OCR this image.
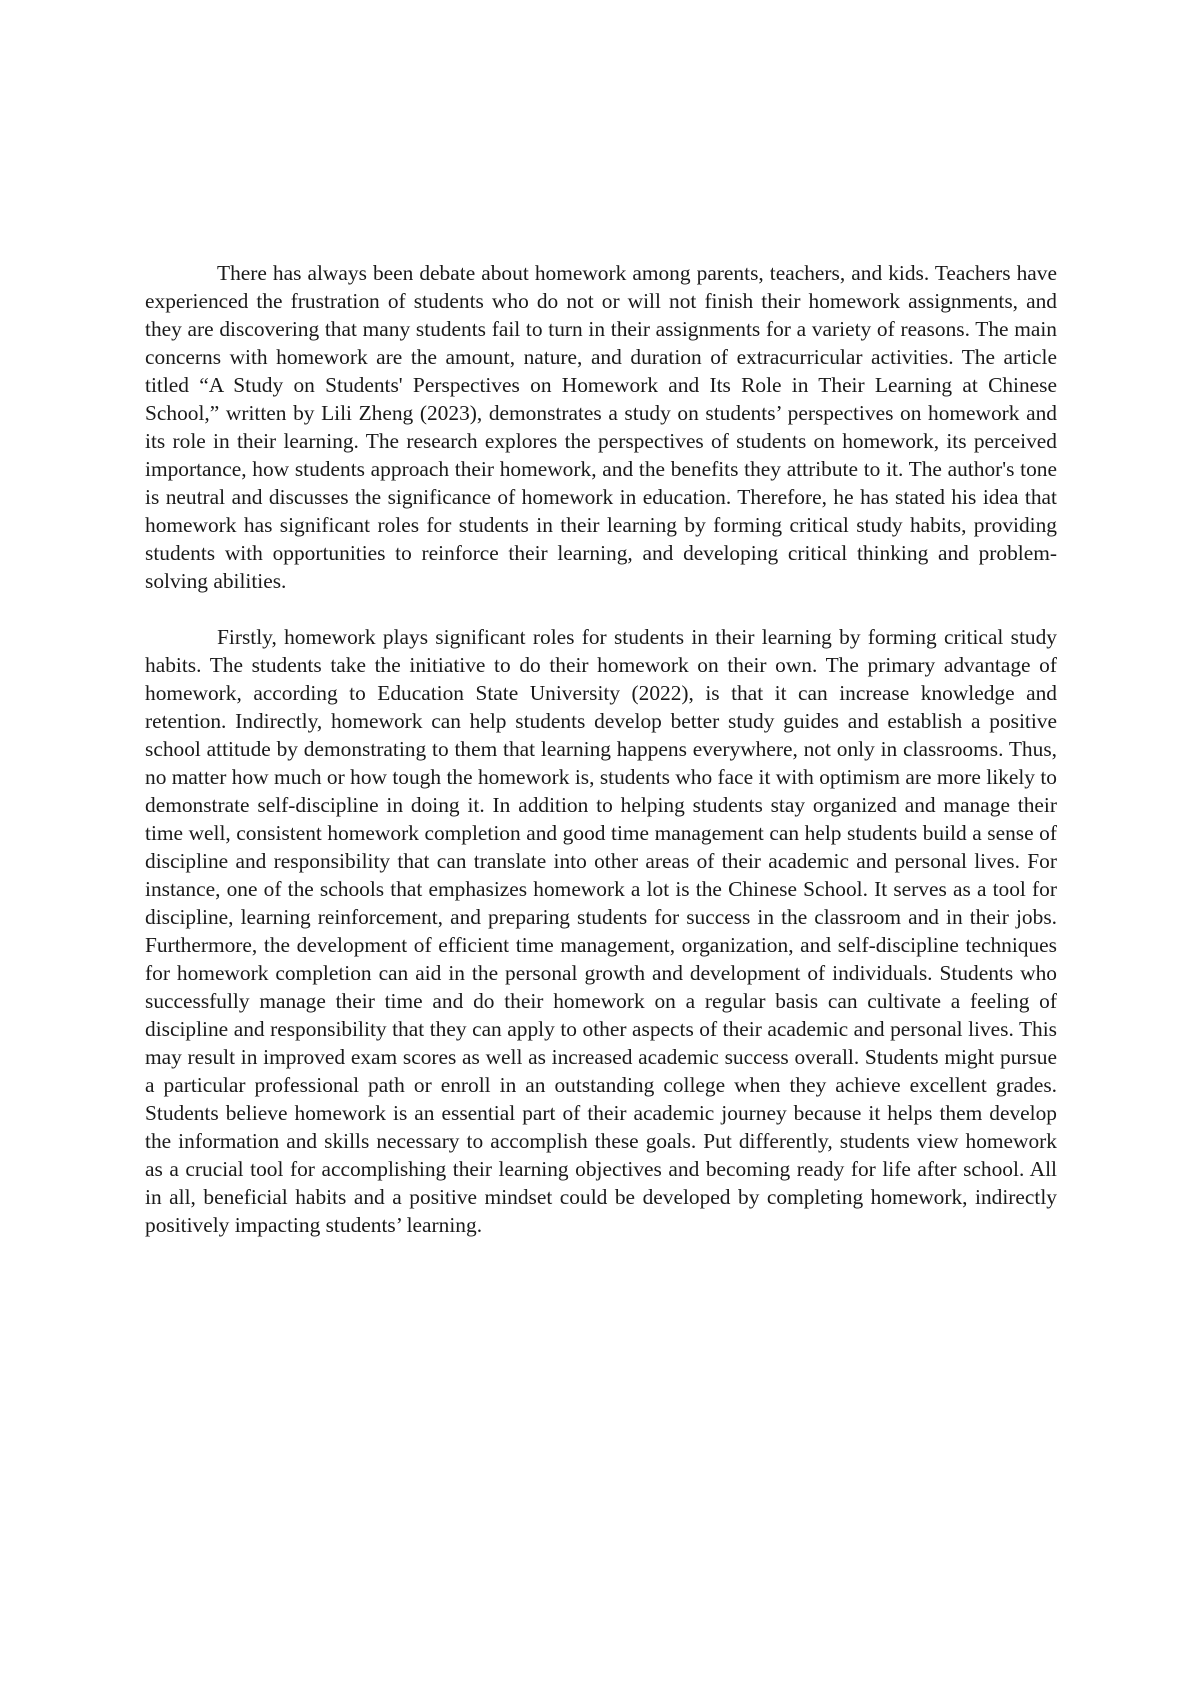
There has always been debate about homework among parents, teachers, and kids. Teachers have experienced the frustration of students who do not or will not finish their homework assignments, and they are discovering that many students fail to turn in their assignments for a variety of reasons. The main concerns with homework are the amount, nature, and duration of extracurricular activities. The article titled “A Study on Students' Perspectives on Homework and Its Role in Their Learning at Chinese School,” written by Lili Zheng (2023), demonstrates a study on students’ perspectives on homework and its role in their learning. The research explores the perspectives of students on homework, its perceived importance, how students approach their homework, and the benefits they attribute to it. The author's tone is neutral and discusses the significance of homework in education. Therefore, he has stated his idea that homework has significant roles for students in their learning by forming critical study habits, providing students with opportunities to reinforce their learning, and developing critical thinking and problem-solving abilities.

Firstly, homework plays significant roles for students in their learning by forming critical study habits. The students take the initiative to do their homework on their own. The primary advantage of homework, according to Education State University (2022), is that it can increase knowledge and retention. Indirectly, homework can help students develop better study guides and establish a positive school attitude by demonstrating to them that learning happens everywhere, not only in classrooms. Thus, no matter how much or how tough the homework is, students who face it with optimism are more likely to demonstrate self-discipline in doing it. In addition to helping students stay organized and manage their time well, consistent homework completion and good time management can help students build a sense of discipline and responsibility that can translate into other areas of their academic and personal lives. For instance, one of the schools that emphasizes homework a lot is the Chinese School. It serves as a tool for discipline, learning reinforcement, and preparing students for success in the classroom and in their jobs. Furthermore, the development of efficient time management, organization, and self-discipline techniques for homework completion can aid in the personal growth and development of individuals. Students who successfully manage their time and do their homework on a regular basis can cultivate a feeling of discipline and responsibility that they can apply to other aspects of their academic and personal lives. This may result in improved exam scores as well as increased academic success overall. Students might pursue a particular professional path or enroll in an outstanding college when they achieve excellent grades. Students believe homework is an essential part of their academic journey because it helps them develop the information and skills necessary to accomplish these goals. Put differently, students view homework as a crucial tool for accomplishing their learning objectives and becoming ready for life after school. All in all, beneficial habits and a positive mindset could be developed by completing homework, indirectly positively impacting students’ learning.
